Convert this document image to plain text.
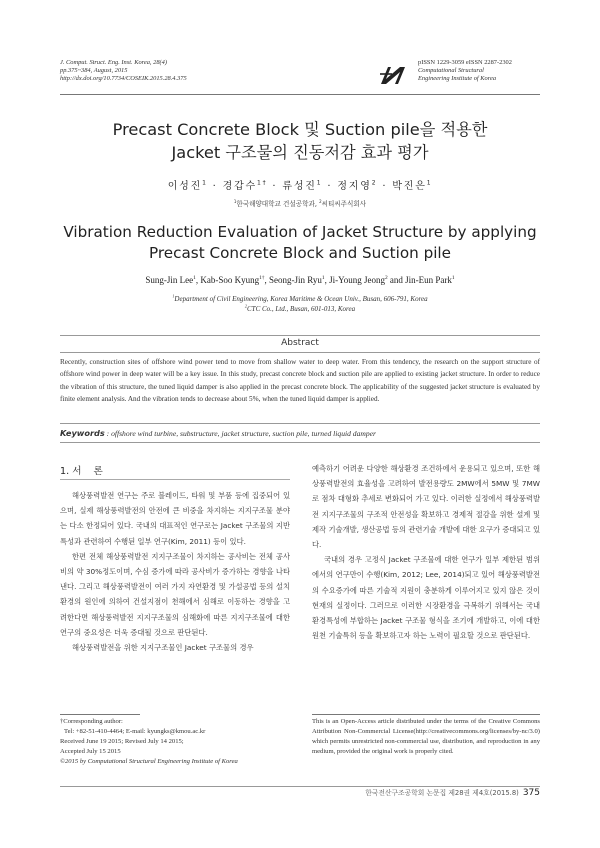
J. Comput. Struct. Eng. Inst. Korea, 28(4)
pp.375~384, August, 2015
http://dx.doi.org/10.7734/COSEIK.2015.28.4.375
pISSN 1229-3059 eISSN 2287-2302
Computational Structural
Engineering Institute of Korea
Precast Concrete Block 및 Suction pile을 적용한
Jacket 구조물의 진동저감 효과 평가
이성진$^1$ · 경갑수$^{1\dagger}$ · 류성진$^1$ · 정지영$^2$ · 박진은$^1$
$^1$한국해양대학교 건설공학과, $^2$씨티씨주식회사
Vibration Reduction Evaluation of Jacket Structure by applying
Precast Concrete Block and Suction pile
Sung-Jin Lee$^1$, Kab-Soo Kyung$^{1\dagger}$, Seong-Jin Ryu$^1$, Ji-Young Jeong$^2$ and Jin-Eun Park$^1$
$^1$Department of Civil Engineering, Korea Maritime & Ocean Univ., Busan, 606-791, Korea
$^2$CTC Co., Ltd., Busan, 601-013, Korea
Abstract
Recently, construction sites of offshore wind power tend to move from shallow water to deep water. From this tendency, the research on the support structure of offshore wind power in deep water will be a key issue. In this study, precast concrete block and suction pile are applied to existing jacket structure. In order to reduce the vibration of this structure, the tuned liquid damper is also applied in the precast concrete block. The applicability of the suggested jacket structure is evaluated by finite element analysis. And the vibration tends to decrease about 5%, when the tuned liquid damper is applied.
Keywords : offshore wind turbine, substructure, jacket structure, suction pile, turned liquid damper
1. 서 론

해상풍력발전 연구는 주로 블레이드, 타워 및 부품 등에 집중되어 있으며, 실제 해상풍력발전의 안전에 큰 비중을 차지하는 지지구조물 분야는 다소 한정되어 있다. 국내의 대표적인 연구로는 Jacket 구조물의 지반 특성과 관련하여 수행된 일부 연구(Kim, 2011) 등이 있다.

한편 전체 해상풍력발전 지지구조물이 차지하는 공사비는 전체 공사비의 약 30%정도이며, 수심 증가에 따라 공사비가 증가하는 경향을 나타낸다. 그리고 해상풍력발전이 여러 가지 자연환경 및 가설공법 등의 설치환경의 원인에 의하여 건설지점이 천해에서 심해로 이동하는 경향을 고려한다면 해상풍력발전 지지구조물의 심해화에 따른 지지구조물에 대한 연구의 중요성은 더욱 증대될 것으로 판단된다.

해상풍력발전을 위한 지지구조물인 Jacket 구조물의 경우

예측하기 어려운 다양한 해상환경 조건하에서 운용되고 있으며, 또한 해상풍력발전의 효율성을 고려하여 발전용량도 2MW에서 5MW 및 7MW로 점차 대형화 추세로 변화되어 가고 있다. 이러한 실정에서 해상풍력발전 지지구조물의 구조적 안전성을 확보하고 경제적 절감을 위한 설계 및 제작 기술개발, 생산공법 등의 관련기술 개발에 대한 요구가 증대되고 있다.

국내의 경우 고정식 Jacket 구조물에 대한 연구가 일부 제한된 범위에서의 연구만이 수행(Kim, 2012; Lee, 2014)되고 있어 해상풍력발전의 수요증가에 따른 기술적 지원이 충분하게 이루어지고 있지 않은 것이 현재의 실정이다. 그러므로 이러한 시장환경을 극복하기 위해서는 국내 환경특성에 부합하는 Jacket 구조물 형식을 조기에 개발하고, 이에 대한 원천 기술특허 등을 확보하고자 하는 노력이 필요할 것으로 판단된다.

†Corresponding author:
Tel: +82-51-410-4464; E-mail: kyungks@kmou.ac.kr
Received June 19 2015; Revised July 14 2015;
Accepted July 15 2015
©2015 by Computational Structural Engineering Institute of Korea
This is an Open-Access article distributed under the terms of the Creative Commons Attribution Non-Commercial License(http://creativecommons.org/licenses/by-nc/3.0) which permits unrestricted non-commercial use, distribution, and reproduction in any medium, provided the original work is properly cited.
한국전산구조공학회 논문집 제28권 제4호(2015.8) 375
